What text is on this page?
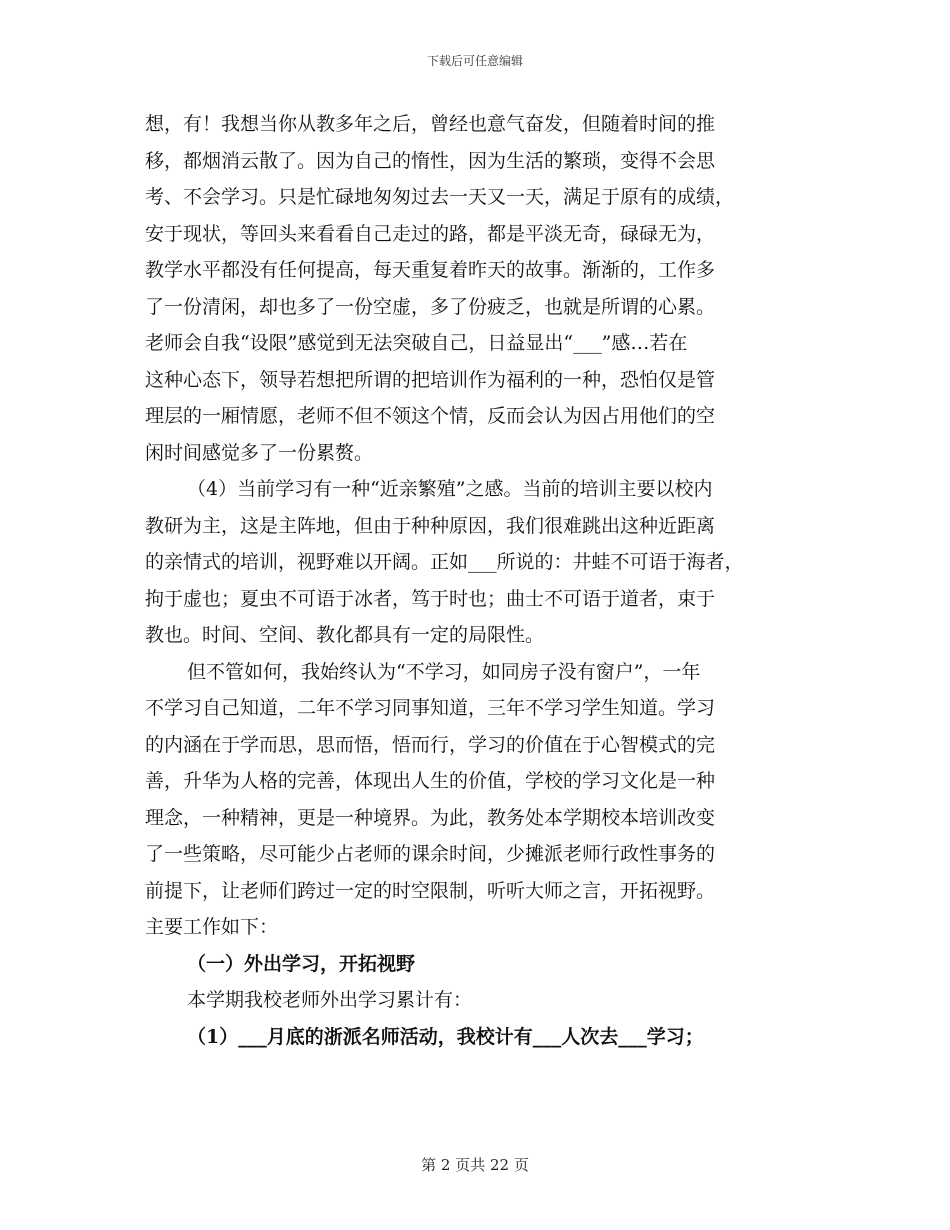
下载后可任意编辑
想，有！我想当你从教多年之后，曾经也意气奋发，但随着时间的推
移，都烟消云散了。因为自己的惰性，因为生活的繁琐，变得不会思
考、不会学习。只是忙碌地匆匆过去一天又一天，满足于原有的成绩，
安于现状，等回头来看看自己走过的路，都是平淡无奇，碌碌无为，
教学水平都没有任何提高，每天重复着昨天的故事。渐渐的，工作多
了一份清闲，却也多了一份空虚，多了份疲乏，也就是所谓的心累。
老师会自我“设限”感觉到无法突破自己，日益显出“___”感…若在
这种心态下，领导若想把所谓的把培训作为福利的一种，恐怕仅是管
理层的一厢情愿，老师不但不领这个情，反而会认为因占用他们的空
闲时间感觉多了一份累赘。
（4）当前学习有一种“近亲繁殖”之感。当前的培训主要以校内
教研为主，这是主阵地，但由于种种原因，我们很难跳出这种近距离
的亲情式的培训，视野难以开阔。正如___所说的：井蛙不可语于海者，
拘于虚也；夏虫不可语于冰者，笃于时也；曲士不可语于道者，束于
教也。时间、空间、教化都具有一定的局限性。
但不管如何，我始终认为“不学习，如同房子没有窗户”，一年
不学习自己知道，二年不学习同事知道，三年不学习学生知道。学习
的内涵在于学而思，思而悟，悟而行，学习的价值在于心智模式的完
善，升华为人格的完善，体现出人生的价值，学校的学习文化是一种
理念，一种精神，更是一种境界。为此，教务处本学期校本培训改变
了一些策略，尽可能少占老师的课余时间，少摊派老师行政性事务的
前提下，让老师们跨过一定的时空限制，听听大师之言，开拓视野。
主要工作如下：
（一）外出学习，开拓视野
本学期我校老师外出学习累计有：
（1）___月底的浙派名师活动，我校计有___人次去___学习；
第 2 页共 22 页
